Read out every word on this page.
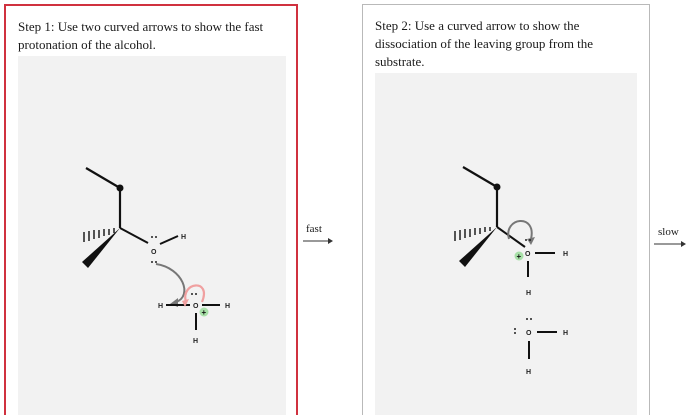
Step 1: Use two curved arrows to show the fast protonation of the alcohol.
O
H
H	O
+
H
H
fast
Step 2: Use a curved arrow to show the dissociation of the leaving group from the substrate.
O
+	H
H
O	H
H
slow
